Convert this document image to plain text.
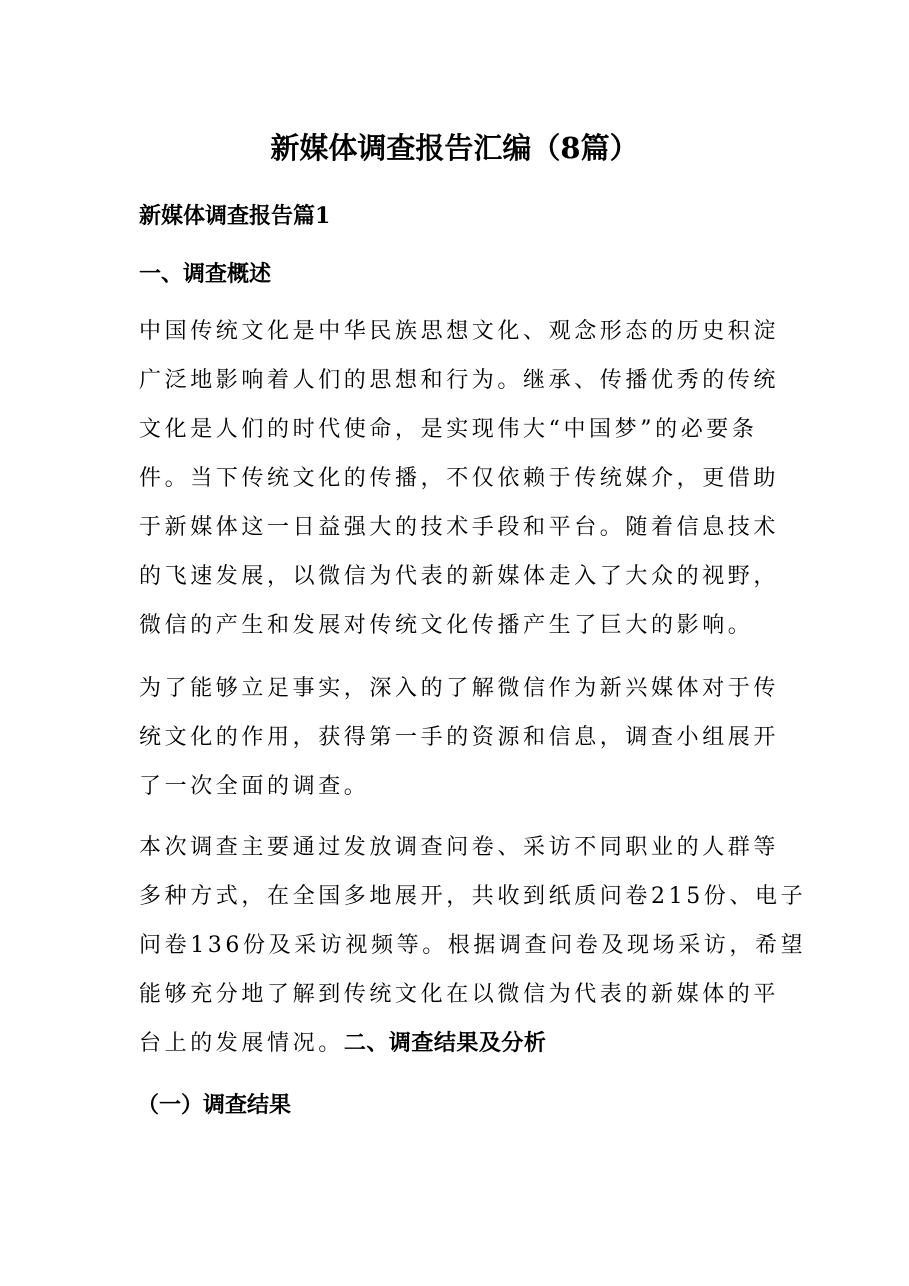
新媒体调查报告汇编（8篇）
新媒体调查报告篇1
一、调查概述
中国传统文化是中华民族思想文化、观念形态的历史积淀
广泛地影响着人们的思想和行为。继承、传播优秀的传统
文化是人们的时代使命，是实现伟大“中国梦”的必要条
件。当下传统文化的传播，不仅依赖于传统媒介，更借助
于新媒体这一日益强大的技术手段和平台。随着信息技术
的飞速发展，以微信为代表的新媒体走入了大众的视野，
微信的产生和发展对传统文化传播产生了巨大的影响。
为了能够立足事实，深入的了解微信作为新兴媒体对于传
统文化的作用，获得第一手的资源和信息，调查小组展开
了一次全面的调查。
本次调查主要通过发放调查问卷、采访不同职业的人群等
多种方式，在全国多地展开，共收到纸质问卷215份、电子
问卷136份及采访视频等。根据调查问卷及现场采访，希望
能够充分地了解到传统文化在以微信为代表的新媒体的平
台上的发展情况。二、调查结果及分析
（一）调查结果
